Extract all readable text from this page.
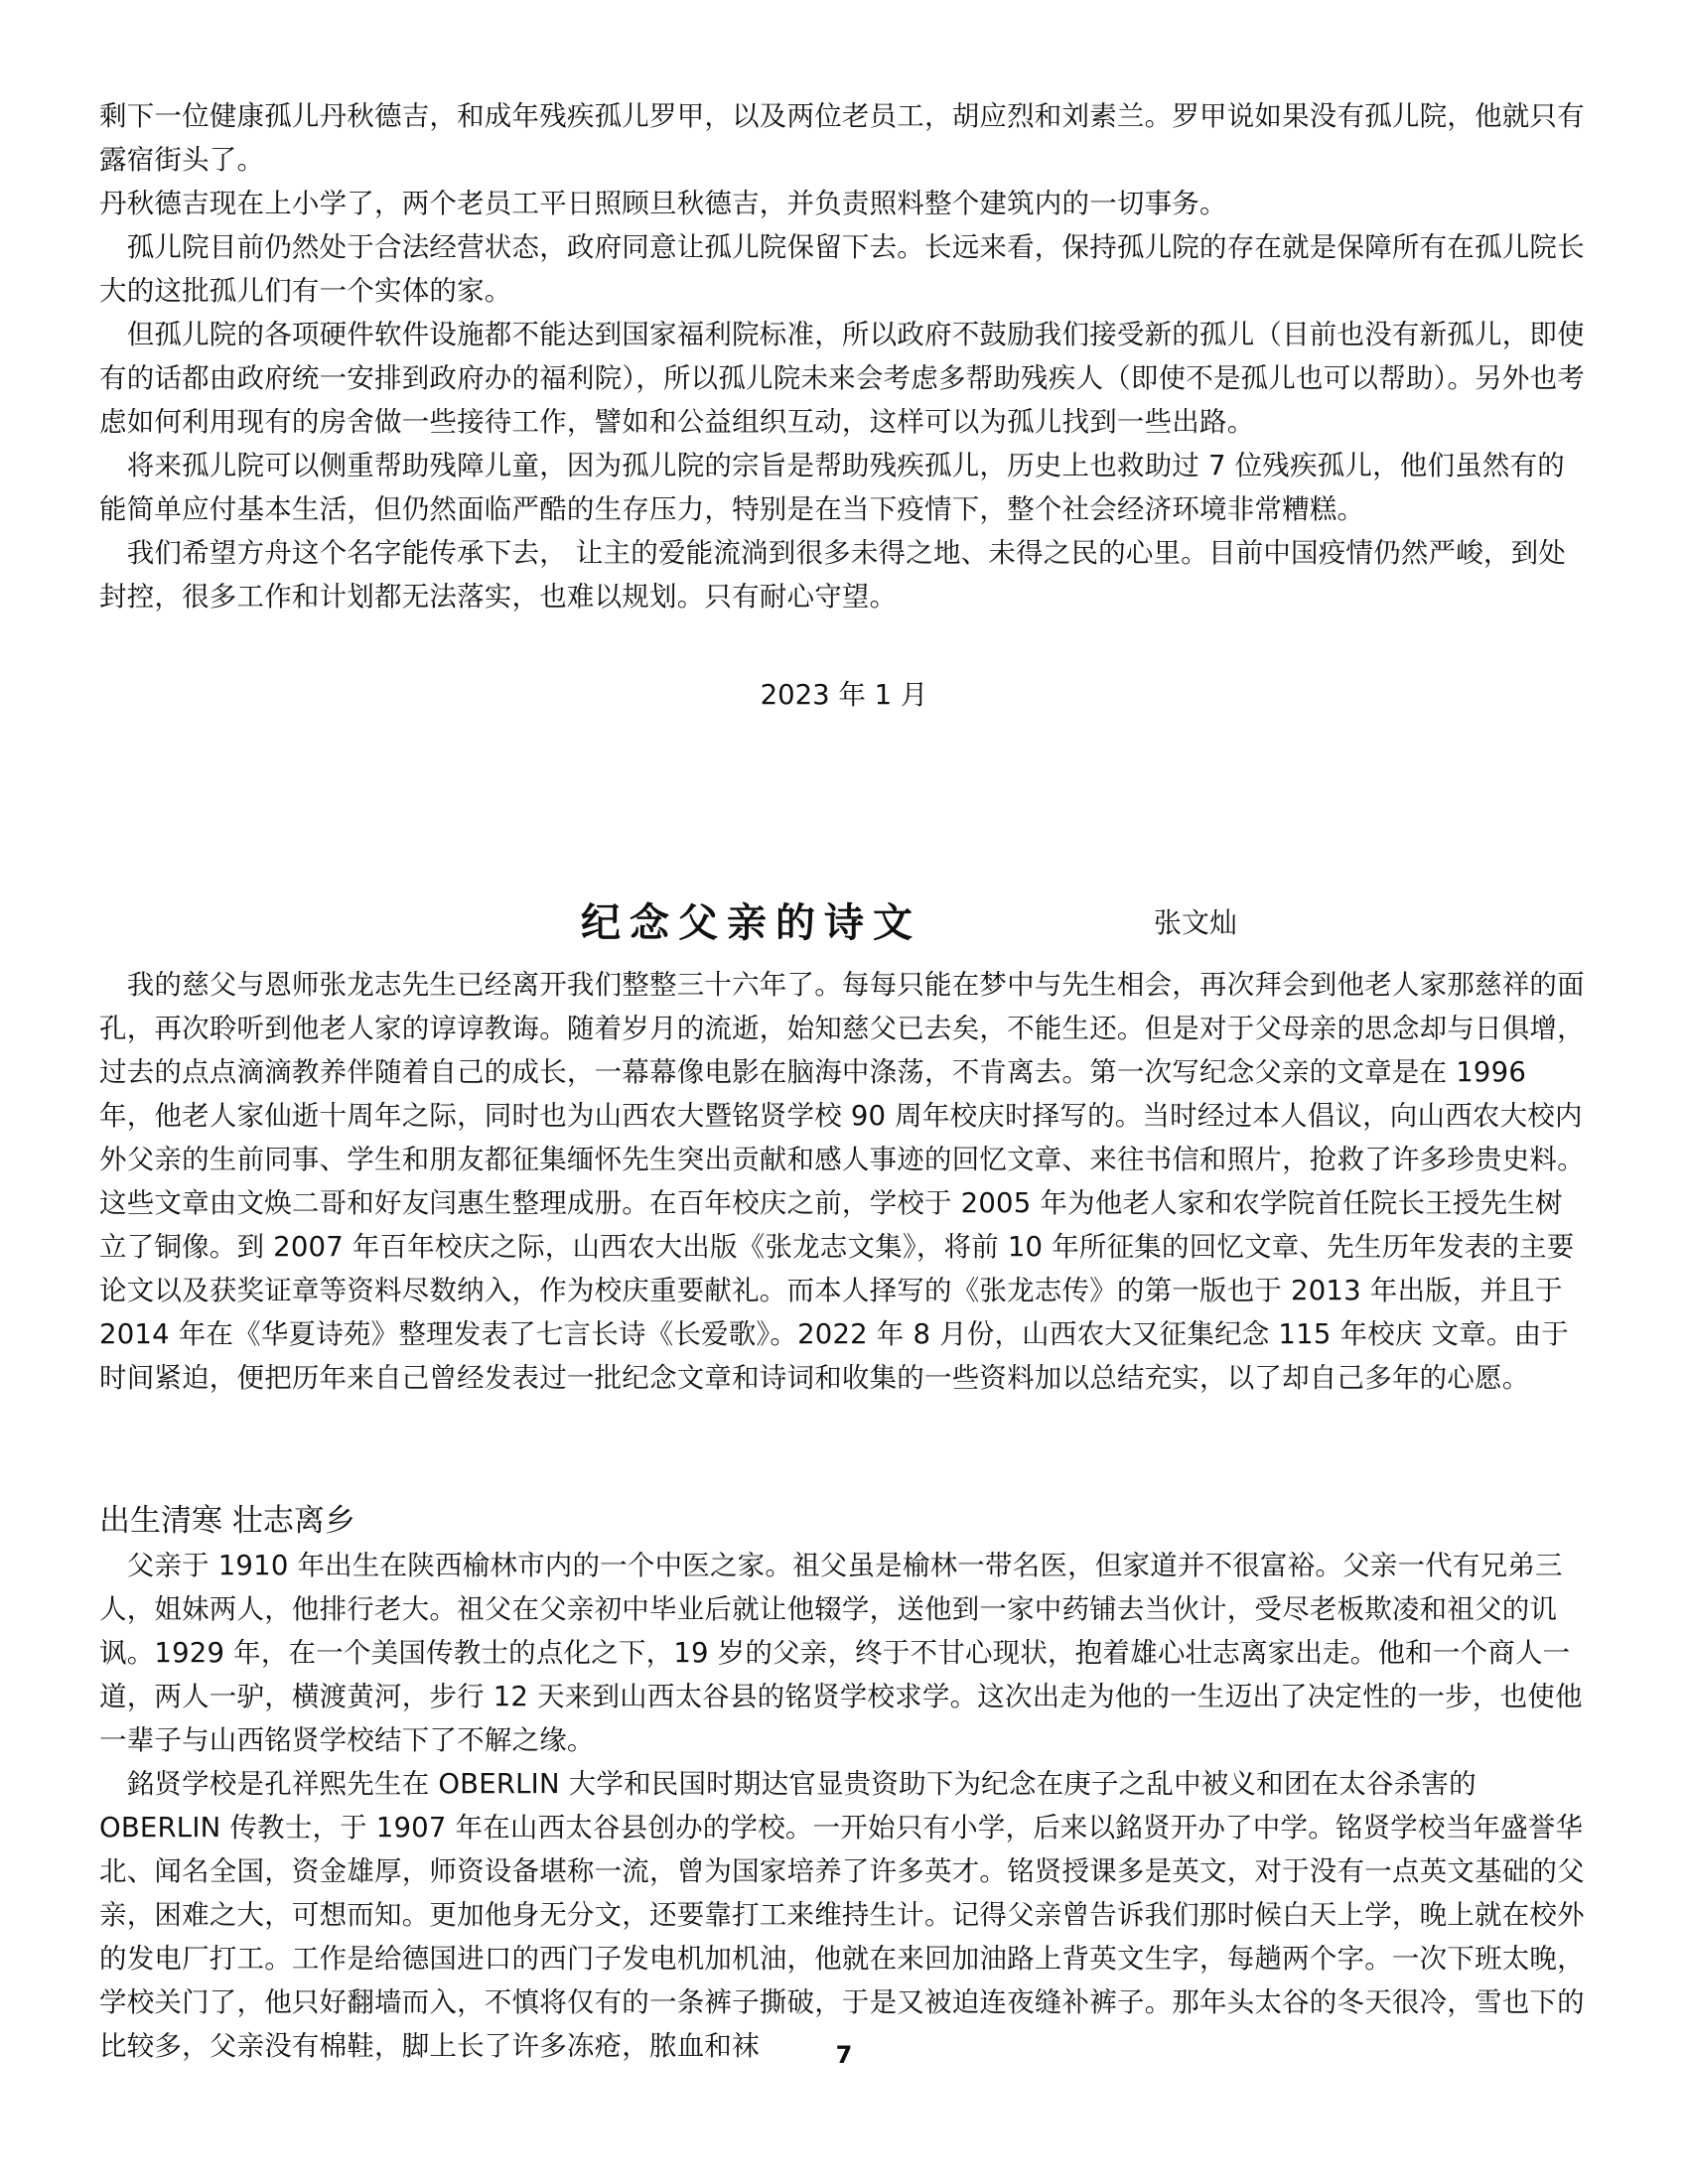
剩下一位健康孤儿丹秋德吉，和成年残疾孤儿罗甲，以及两位老员工，胡应烈和刘素兰。罗甲说如果没有孤儿院，他就只有露宿街头了。

丹秋德吉现在上小学了，两个老员工平日照顾旦秋德吉，并负责照料整个建筑内的一切事务。

　孤儿院目前仍然处于合法经营状态，政府同意让孤儿院保留下去。长远来看，保持孤儿院的存在就是保障所有在孤儿院长大的这批孤儿们有一个实体的家。

　但孤儿院的各项硬件软件设施都不能达到国家福利院标准，所以政府不鼓励我们接受新的孤儿（目前也没有新孤儿，即使有的话都由政府统一安排到政府办的福利院），所以孤儿院未来会考虑多帮助残疾人（即使不是孤儿也可以帮助）。另外也考虑如何利用现有的房舍做一些接待工作，譬如和公益组织互动，这样可以为孤儿找到一些出路。

　将来孤儿院可以侧重帮助残障儿童，因为孤儿院的宗旨是帮助残疾孤儿，历史上也救助过 7 位残疾孤儿，他们虽然有的能简单应付基本生活，但仍然面临严酷的生存压力，特别是在当下疫情下，整个社会经济环境非常糟糕。

　我们希望方舟这个名字能传承下去， 让主的爱能流淌到很多未得之地、未得之民的心里。目前中国疫情仍然严峻，到处封控，很多工作和计划都无法落实，也难以规划。只有耐心守望。

2023 年 1 月
纪念父亲的诗文	张文灿

　我的慈父与恩师张龙志先生已经离开我们整整三十六年了。每每只能在梦中与先生相会，再次拜会到他老人家那慈祥的面孔，再次聆听到他老人家的谆谆教诲。随着岁月的流逝，始知慈父已去矣，不能生还。但是对于父母亲的思念却与日俱增，过去的点点滴滴教养伴随着自己的成长，一幕幕像电影在脑海中涤荡，不肯离去。第一次写纪念父亲的文章是在 1996 年，他老人家仙逝十周年之际，同时也为山西农大暨铭贤学校 90 周年校庆时择写的。当时经过本人倡议，向山西农大校内外父亲的生前同事、学生和朋友都征集缅怀先生突出贡献和感人事迹的回忆文章、来往书信和照片，抢救了许多珍贵史料。 这些文章由文焕二哥和好友闫惠生整理成册。在百年校庆之前，学校于 2005 年为他老人家和农学院首任院长王授先生树立了铜像。到 2007 年百年校庆之际，山西农大出版《张龙志文集》，将前 10 年所征集的回忆文章、先生历年发表的主要论文以及获奖证章等资料尽数纳入，作为校庆重要献礼。而本人择写的《张龙志传》的第一版也于 2013 年出版，并且于 2014 年在《华夏诗苑》整理发表了七言长诗《长爱歌》。2022 年 8 月份，山西农大又征集纪念 115 年校庆 文章。由于时间紧迫，便把历年来自己曾经发表过一批纪念文章和诗词和收集的一些资料加以总结充实，以了却自己多年的心愿。

出生清寒 壮志离乡

　父亲于 1910 年出生在陕西榆林市内的一个中医之家。祖父虽是榆林一带名医，但家道并不很富裕。父亲一代有兄弟三人，姐妹两人，他排行老大。祖父在父亲初中毕业后就让他辍学，送他到一家中药铺去当伙计，受尽老板欺凌和祖父的讥讽。1929 年，在一个美国传教士的点化之下，19 岁的父亲，终于不甘心现状，抱着雄心壮志离家出走。他和一个商人一道，两人一驴，横渡黄河，步行 12 天来到山西太谷县的铭贤学校求学。这次出走为他的一生迈出了决定性的一步，也使他一辈子与山西铭贤学校结下了不解之缘。

　銘贤学校是孔祥熙先生在 OBERLIN 大学和民国时期达官显贵资助下为纪念在庚子之乱中被义和团在太谷杀害的 OBERLIN 传教士，于 1907 年在山西太谷县创办的学校。一开始只有小学，后来以銘贤开办了中学。铭贤学校当年盛誉华北、闻名全国，资金雄厚，师资设备堪称一流，曾为国家培养了许多英才。铭贤授课多是英文，对于没有一点英文基础的父亲，困难之大，可想而知。更加他身无分文，还要靠打工来维持生计。记得父亲曾告诉我们那时候白天上学，晚上就在校外的发电厂打工。工作是给德国进口的西门子发电机加机油，他就在来回加油路上背英文生字，每趟两个字。一次下班太晚，学校关门了，他只好翻墙而入，不慎将仅有的一条裤子撕破，于是又被迫连夜缝补裤子。那年头太谷的冬天很冷，雪也下的比较多，父亲没有棉鞋，脚上长了许多冻疮，脓血和袜	7
